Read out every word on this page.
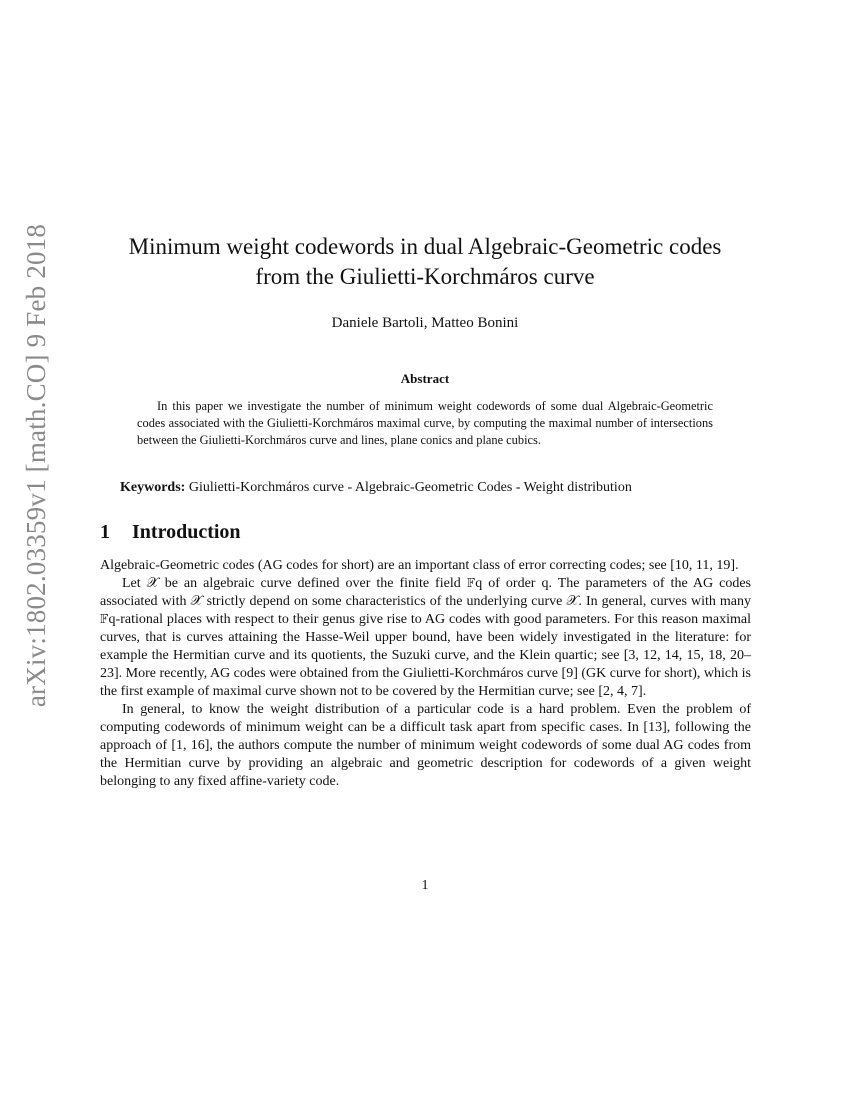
arXiv:1802.03359v1 [math.CO] 9 Feb 2018	Minimum weight codewords in dual Algebraic-Geometric codes
from the Giulietti-Korchmáros curve
Daniele Bartoli, Matteo Bonini
Abstract

In this paper we investigate the number of minimum weight codewords of some dual Algebraic-Geometric codes associated with the Giulietti-Korchmáros maximal curve, by computing the maximal number of intersections between the Giulietti-Korchmáros curve and lines, plane conics and plane cubics.

Keywords: Giulietti-Korchmáros curve - Algebraic-Geometric Codes - Weight distribution
1 Introduction

Algebraic-Geometric codes (AG codes for short) are an important class of error correcting codes; see [10, 11, 19].

Let 𝒳 be an algebraic curve defined over the finite field 𝔽q of order q. The parameters of the AG codes associated with 𝒳 strictly depend on some characteristics of the underlying curve 𝒳. In general, curves with many 𝔽q-rational places with respect to their genus give rise to AG codes with good parameters. For this reason maximal curves, that is curves attaining the Hasse-Weil upper bound, have been widely investigated in the literature: for example the Hermitian curve and its quotients, the Suzuki curve, and the Klein quartic; see [3, 12, 14, 15, 18, 20–23]. More recently, AG codes were obtained from the Giulietti-Korchmáros curve [9] (GK curve for short), which is the first example of maximal curve shown not to be covered by the Hermitian curve; see [2, 4, 7].

In general, to know the weight distribution of a particular code is a hard problem. Even the problem of computing codewords of minimum weight can be a difficult task apart from specific cases. In [13], following the approach of [1, 16], the authors compute the number of minimum weight codewords of some dual AG codes from the Hermitian curve by providing an algebraic and geometric description for codewords of a given weight belonging to any fixed affine-variety code.

1
